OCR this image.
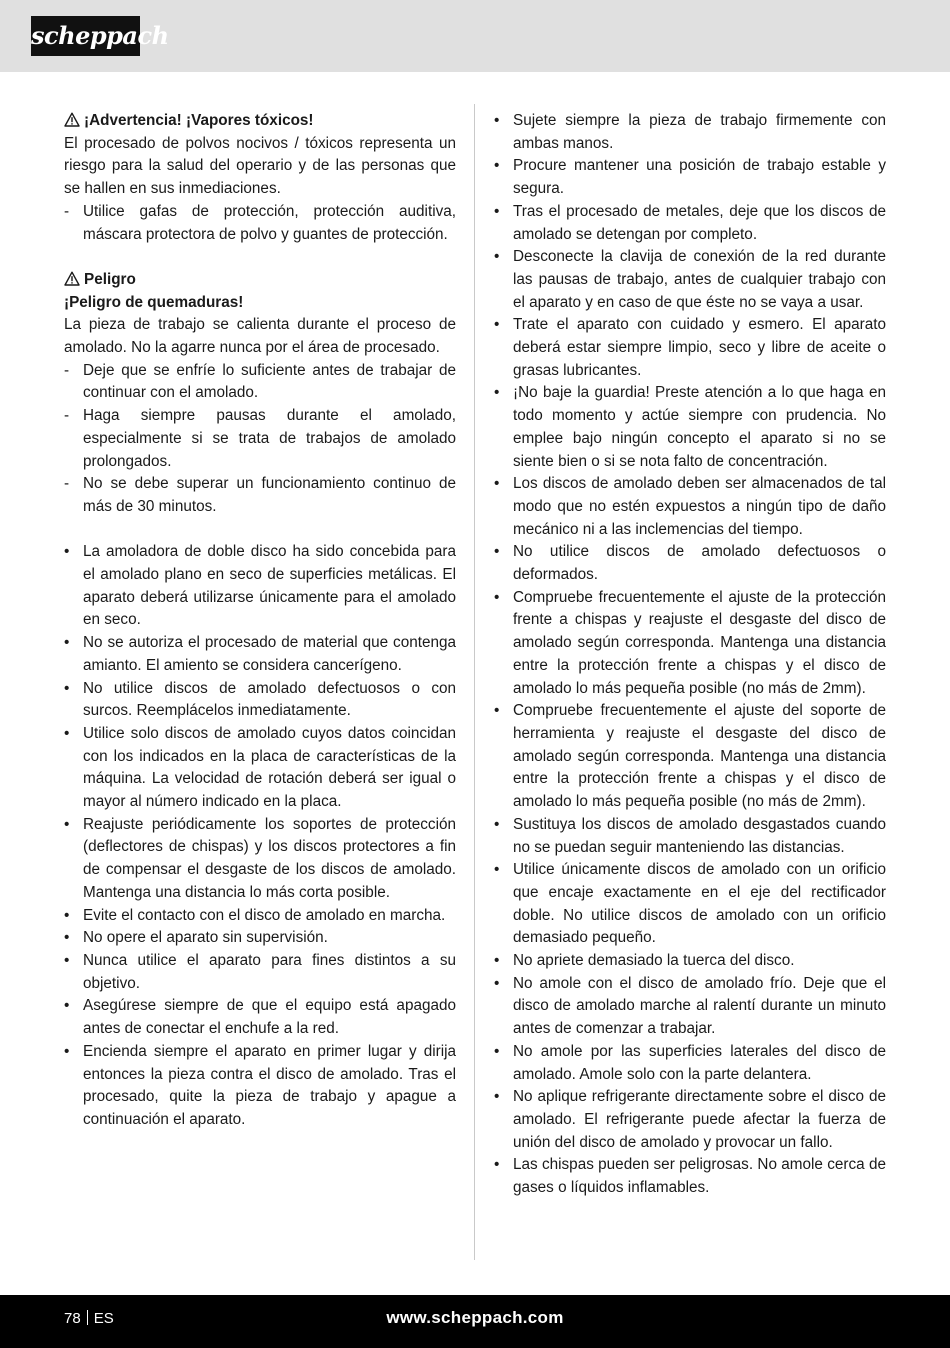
scheppach
¡Advertencia! ¡Vapores tóxicos!

El procesado de polvos nocivos / tóxicos representa un riesgo para la salud del operario y de las personas que se hallen en sus inmediaciones.

- Utilice gafas de protección, protección auditiva, máscara protectora de polvo y guantes de protección.
Peligro
¡Peligro de quemaduras!

La pieza de trabajo se calienta durante el proceso de amolado. No la agarre nunca por el área de procesado.

- Deje que se enfríe lo suficiente antes de trabajar de continuar con el amolado.
- Haga siempre pausas durante el amolado, especialmente si se trata de trabajos de amolado prolongados.
- No se debe superar un funcionamiento continuo de más de 30 minutos.
• La amoladora de doble disco ha sido concebida para el amolado plano en seco de superficies metálicas. El aparato deberá utilizarse únicamente para el amolado en seco.
• No se autoriza el procesado de material que contenga amianto. El amiento se considera cancerígeno.
• No utilice discos de amolado defectuosos o con surcos. Reemplácelos inmediatamente.
• Utilice solo discos de amolado cuyos datos coincidan con los indicados en la placa de características de la máquina. La velocidad de rotación deberá ser igual o mayor al número indicado en la placa.
• Reajuste periódicamente los soportes de protección (deflectores de chispas) y los discos protectores a fin de compensar el desgaste de los discos de amolado. Mantenga una distancia lo más corta posible.
• Evite el contacto con el disco de amolado en marcha.
• No opere el aparato sin supervisión.
• Nunca utilice el aparato para fines distintos a su objetivo.
• Asegúrese siempre de que el equipo está apagado antes de conectar el enchufe a la red.
• Encienda siempre el aparato en primer lugar y dirija entonces la pieza contra el disco de amolado. Tras el procesado, quite la pieza de trabajo y apague a continuación el aparato.
• Sujete siempre la pieza de trabajo firmemente con ambas manos.
• Procure mantener una posición de trabajo estable y segura.
• Tras el procesado de metales, deje que los discos de amolado se detengan por completo.
• Desconecte la clavija de conexión de la red durante las pausas de trabajo, antes de cualquier trabajo con el aparato y en caso de que éste no se vaya a usar.
• Trate el aparato con cuidado y esmero. El aparato deberá estar siempre limpio, seco y libre de aceite o grasas lubricantes.
• ¡No baje la guardia! Preste atención a lo que haga en todo momento y actúe siempre con prudencia. No emplee bajo ningún concepto el aparato si no se siente bien o si se nota falto de concentración.
• Los discos de amolado deben ser almacenados de tal modo que no estén expuestos a ningún tipo de daño mecánico ni a las inclemencias del tiempo.
• No utilice discos de amolado defectuosos o deformados.
• Compruebe frecuentemente el ajuste de la protección frente a chispas y reajuste el desgaste del disco de amolado según corresponda. Mantenga una distancia entre la protección frente a chispas y el disco de amolado lo más pequeña posible (no más de 2mm).
• Compruebe frecuentemente el ajuste del soporte de herramienta y reajuste el desgaste del disco de amolado según corresponda. Mantenga una distancia entre la protección frente a chispas y el disco de amolado lo más pequeña posible (no más de 2mm).
• Sustituya los discos de amolado desgastados cuando no se puedan seguir manteniendo las distancias.
• Utilice únicamente discos de amolado con un orificio que encaje exactamente en el eje del rectificador doble. No utilice discos de amolado con un orificio demasiado pequeño.
• No apriete demasiado la tuerca del disco.
• No amole con el disco de amolado frío. Deje que el disco de amolado marche al ralentí durante un minuto antes de comenzar a trabajar.
• No amole por las superficies laterales del disco de amolado. Amole solo con la parte delantera.
• No aplique refrigerante directamente sobre el disco de amolado. El refrigerante puede afectar la fuerza de unión del disco de amolado y provocar un fallo.
• Las chispas pueden ser peligrosas. No amole cerca de gases o líquidos inflamables.
78 ES	www.scheppach.com
